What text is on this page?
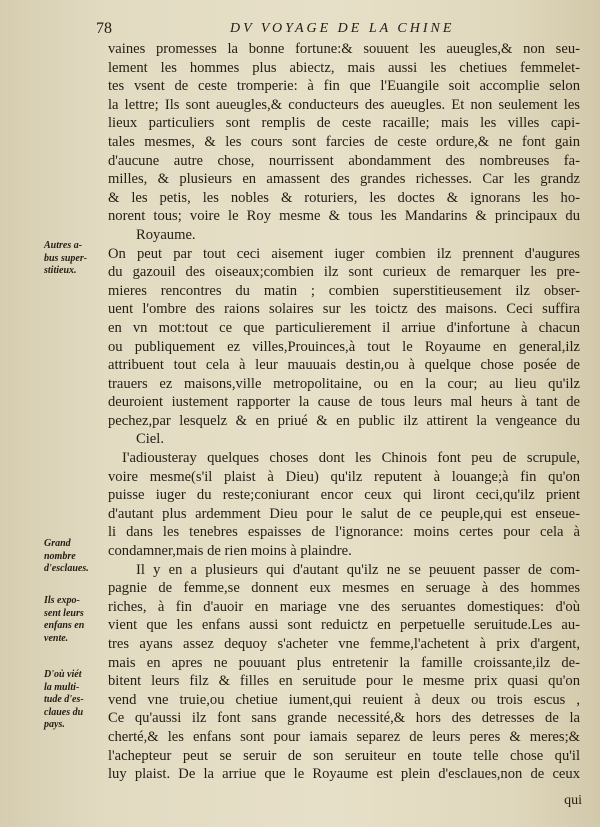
78	DV VOYAGE DE LA CHINE
Autres a-
bus super-
stitieux.
Grand
nombre
d'esclaues.
Ils expo-
sent leurs
enfans en
vente.
D'où viét
la multi-
tude d'es-
claues du
pays.
vaines promesses la bonne fortune:& souuent les aueugles,& non seu-
lement les hommes plus abiectz, mais aussi les chetiues femmelet-
tes vsent de ceste tromperie: à fin que l'Euangile soit accomplie selon
la lettre; Ils sont aueugles,& conducteurs des aueugles. Et non seulement les
lieux particuliers sont remplis de ceste racaille; mais les villes capi-
tales mesmes, & les cours sont farcies de ceste ordure,& ne font gain
d'aucune autre chose, nourrissent abondamment des nombreuses fa-
milles, & plusieurs en amassent des grandes richesses. Car les grandz
& les petis, les nobles & roturiers, les doctes & ignorans les ho-
norent tous; voire le Roy mesme & tous les Mandarins & principaux du
Royaume.
On peut par tout ceci aisement iuger combien ilz prennent d'augures
du gazouil des oiseaux;combien ilz sont curieux de remarquer les pre-
mieres rencontres du matin ; combien superstitieusement ilz obser-
uent l'ombre des raions solaires sur les toictz des maisons. Ceci suffira
en vn mot:tout ce que particulierement il arriue d'infortune à chacun
ou publiquement ez villes,Prouinces,à tout le Royaume en general,ilz
attribuent tout cela à leur mauuais destin,ou à quelque chose posée de
trauers ez maisons,ville metropolitaine, ou en la cour; au lieu qu'ilz
deuroient iustement rapporter la cause de tous leurs mal heurs à tant de
pechez,par lesquelz & en priué & en public ilz attirent la vengeance du
Ciel.
I'adiousteray quelques choses dont les Chinois font peu de scrupule,
voire mesme(s'il plaist à Dieu) qu'ilz reputent à louange;à fin qu'on
puisse iuger du reste;coniurant encor ceux qui liront ceci,qu'ilz prient
d'autant plus ardemment Dieu pour le salut de ce peuple,qui est enseue-
li dans les tenebres espaisses de l'ignorance: moins certes pour cela à
condamner,mais de rien moins à plaindre.
Il y en a plusieurs qui d'autant qu'ilz ne se peuuent passer de com-
pagnie de femme,se donnent eux mesmes en seruage à des hommes
riches, à fin d'auoir en mariage vne des seruantes domestiques: d'où
vient que les enfans aussi sont reduictz en perpetuelle seruitude.Les au-
tres ayans assez dequoy s'acheter vne femme,l'achetent à prix d'argent,
mais en apres ne pouuant plus entretenir la famille croissante,ilz de-
bitent leurs filz & filles en seruitude pour le mesme prix quasi qu'on
vend vne truie,ou chetiue iument,qui reuient à deux ou trois escus ,
Ce qu'aussi ilz font sans grande necessité,& hors des detresses de la
cherté,& les enfans sont pour iamais separez de leurs peres & meres;&
l'achepteur peut se seruir de son seruiteur en toute telle chose qu'il
luy plaist. De la arriue que le Royaume est plein d'esclaues,non de ceux
qui
